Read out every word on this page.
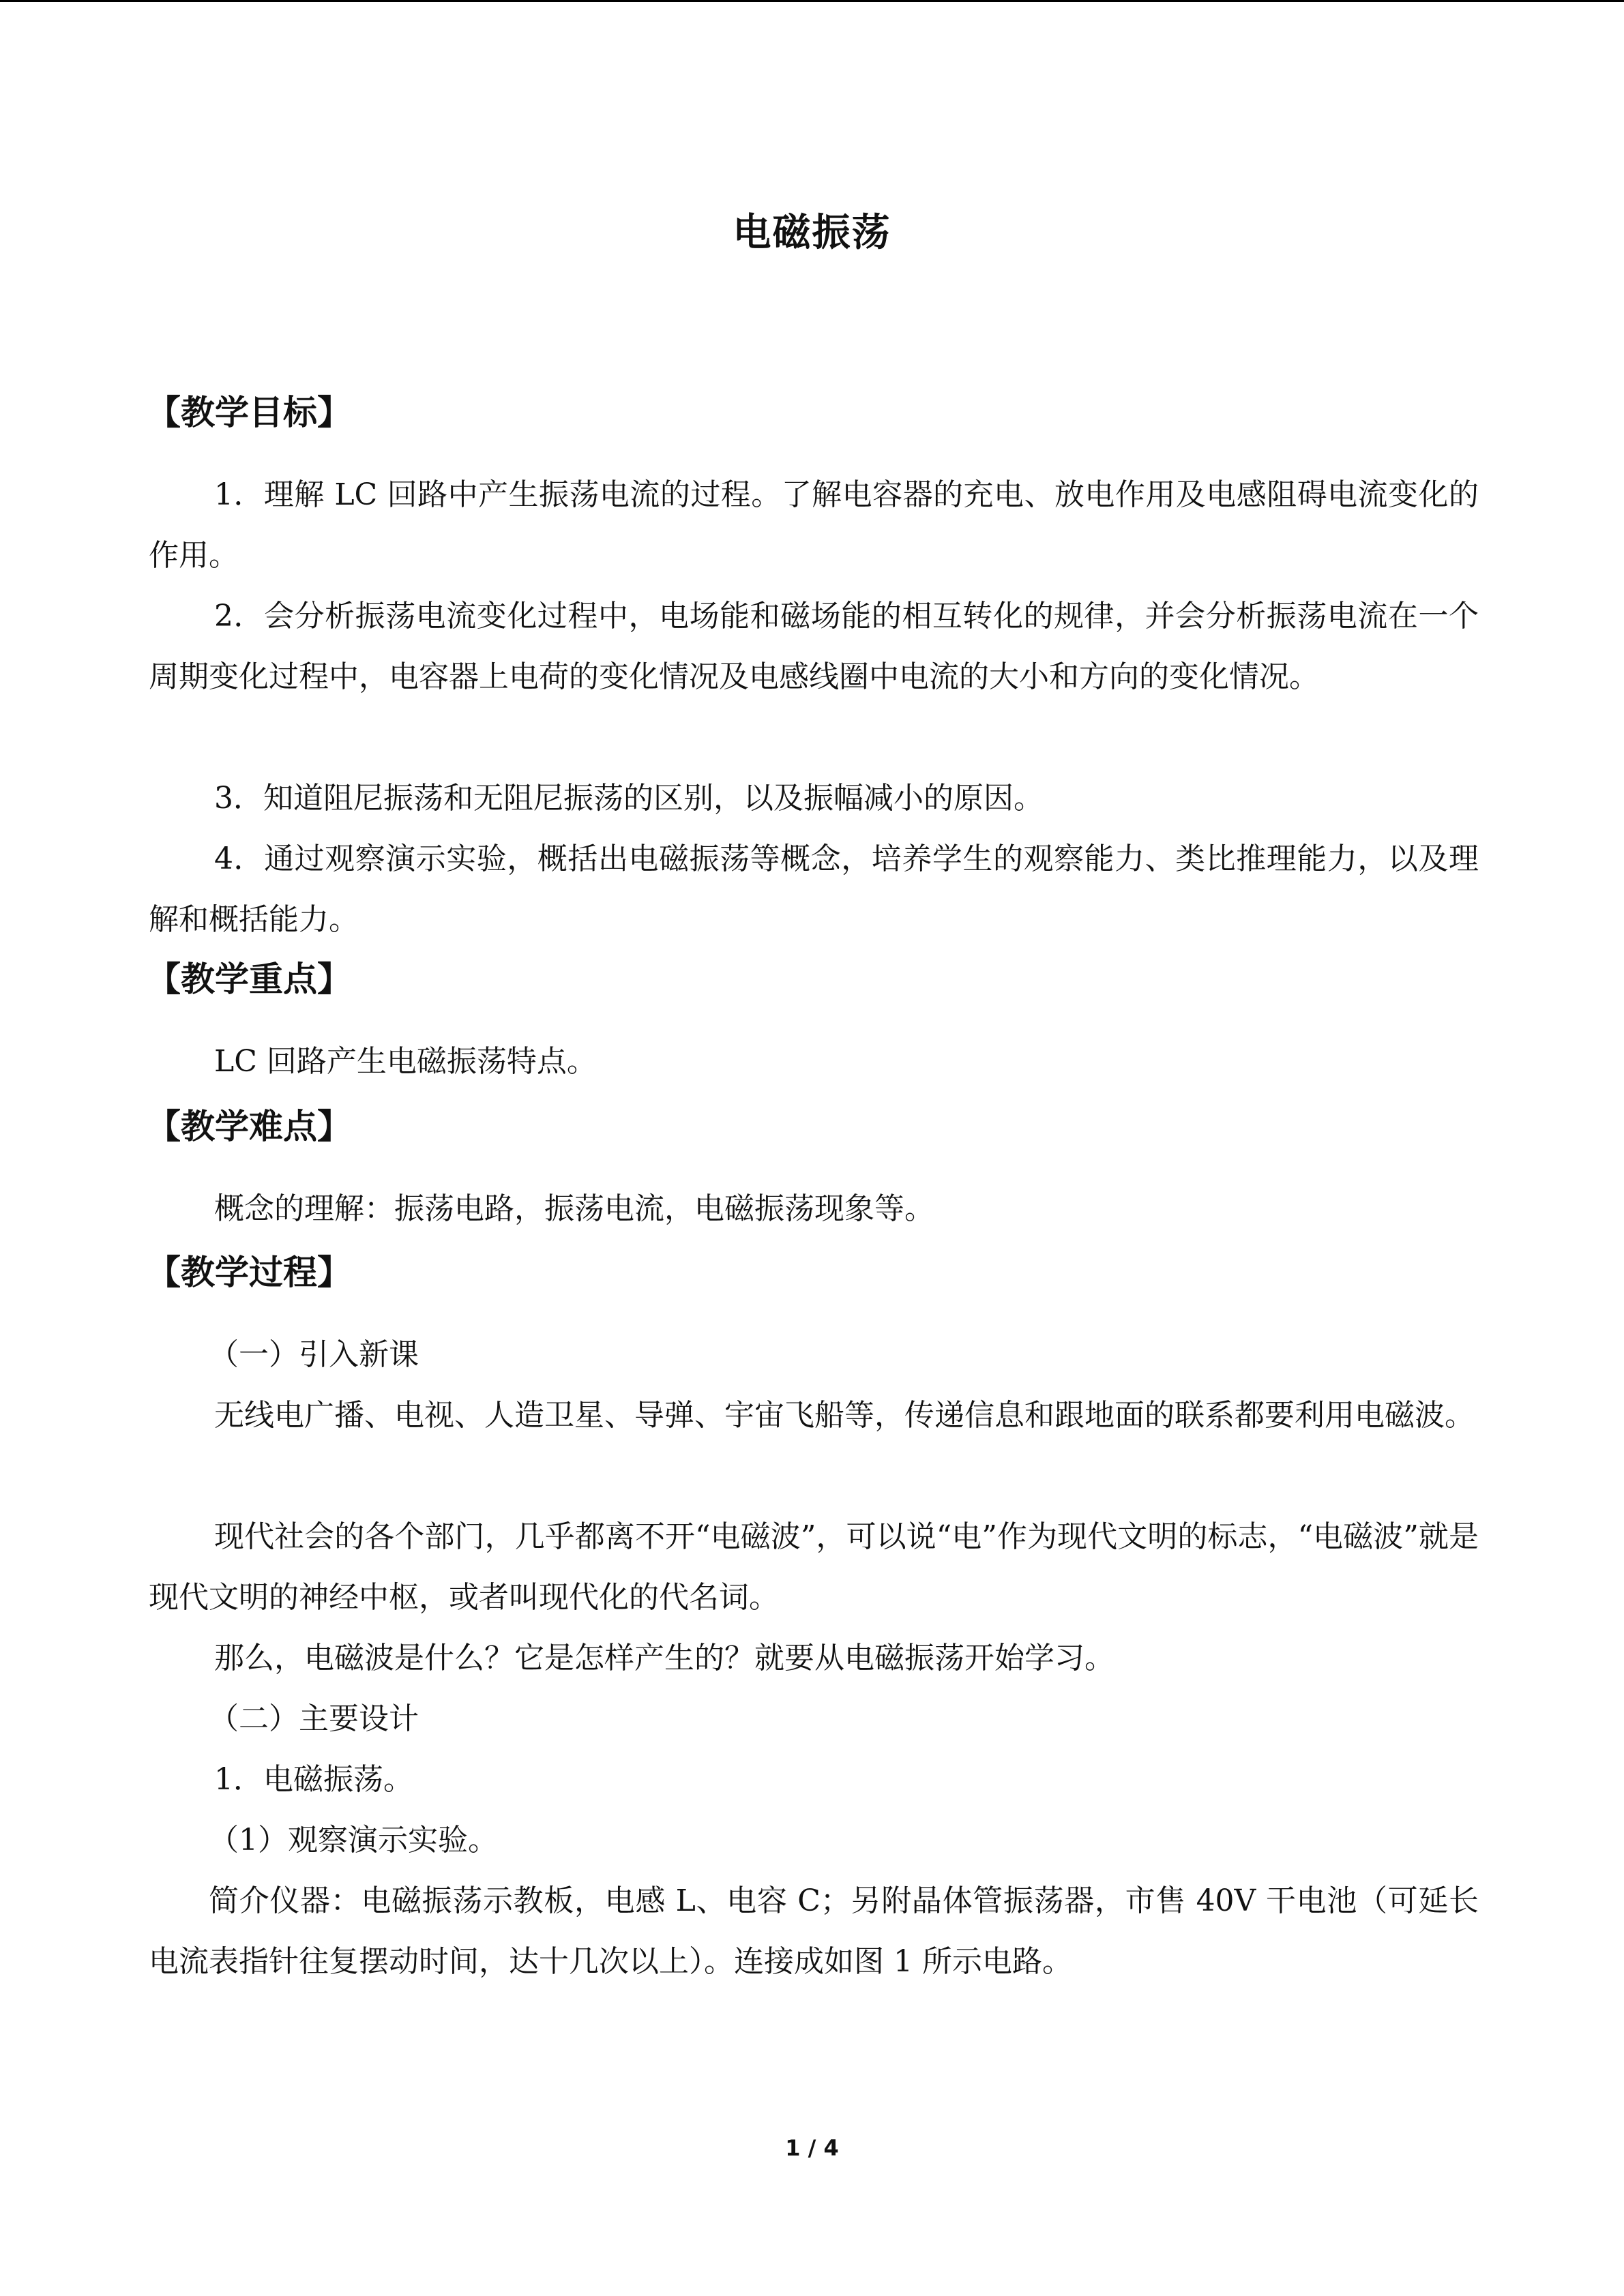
电磁振荡
【教学目标】
1．理解 LC 回路中产生振荡电流的过程。了解电容器的充电、放电作用及电感阻碍电流变化的作用。
2．会分析振荡电流变化过程中，电场能和磁场能的相互转化的规律，并会分析振荡电流在一个周期变化过程中，电容器上电荷的变化情况及电感线圈中电流的大小和方向的变化情况。
3．知道阻尼振荡和无阻尼振荡的区别，以及振幅减小的原因。
4．通过观察演示实验，概括出电磁振荡等概念，培养学生的观察能力、类比推理能力，以及理解和概括能力。
【教学重点】
LC 回路产生电磁振荡特点。
【教学难点】
概念的理解：振荡电路，振荡电流，电磁振荡现象等。
【教学过程】
（一）引入新课
无线电广播、电视、人造卫星、导弹、宇宙飞船等，传递信息和跟地面的联系都要利用电磁波。
现代社会的各个部门，几乎都离不开“电磁波”，可以说“电”作为现代文明的标志，“电磁波”就是现代文明的神经中枢，或者叫现代化的代名词。
那么，电磁波是什么？它是怎样产生的？就要从电磁振荡开始学习。
（二）主要设计
1．电磁振荡。
（1）观察演示实验。
简介仪器：电磁振荡示教板，电感 L、电容 C；另附晶体管振荡器，市售 40V 干电池（可延长电流表指针往复摆动时间，达十几次以上）。连接成如图 1 所示电路。
1 / 4
